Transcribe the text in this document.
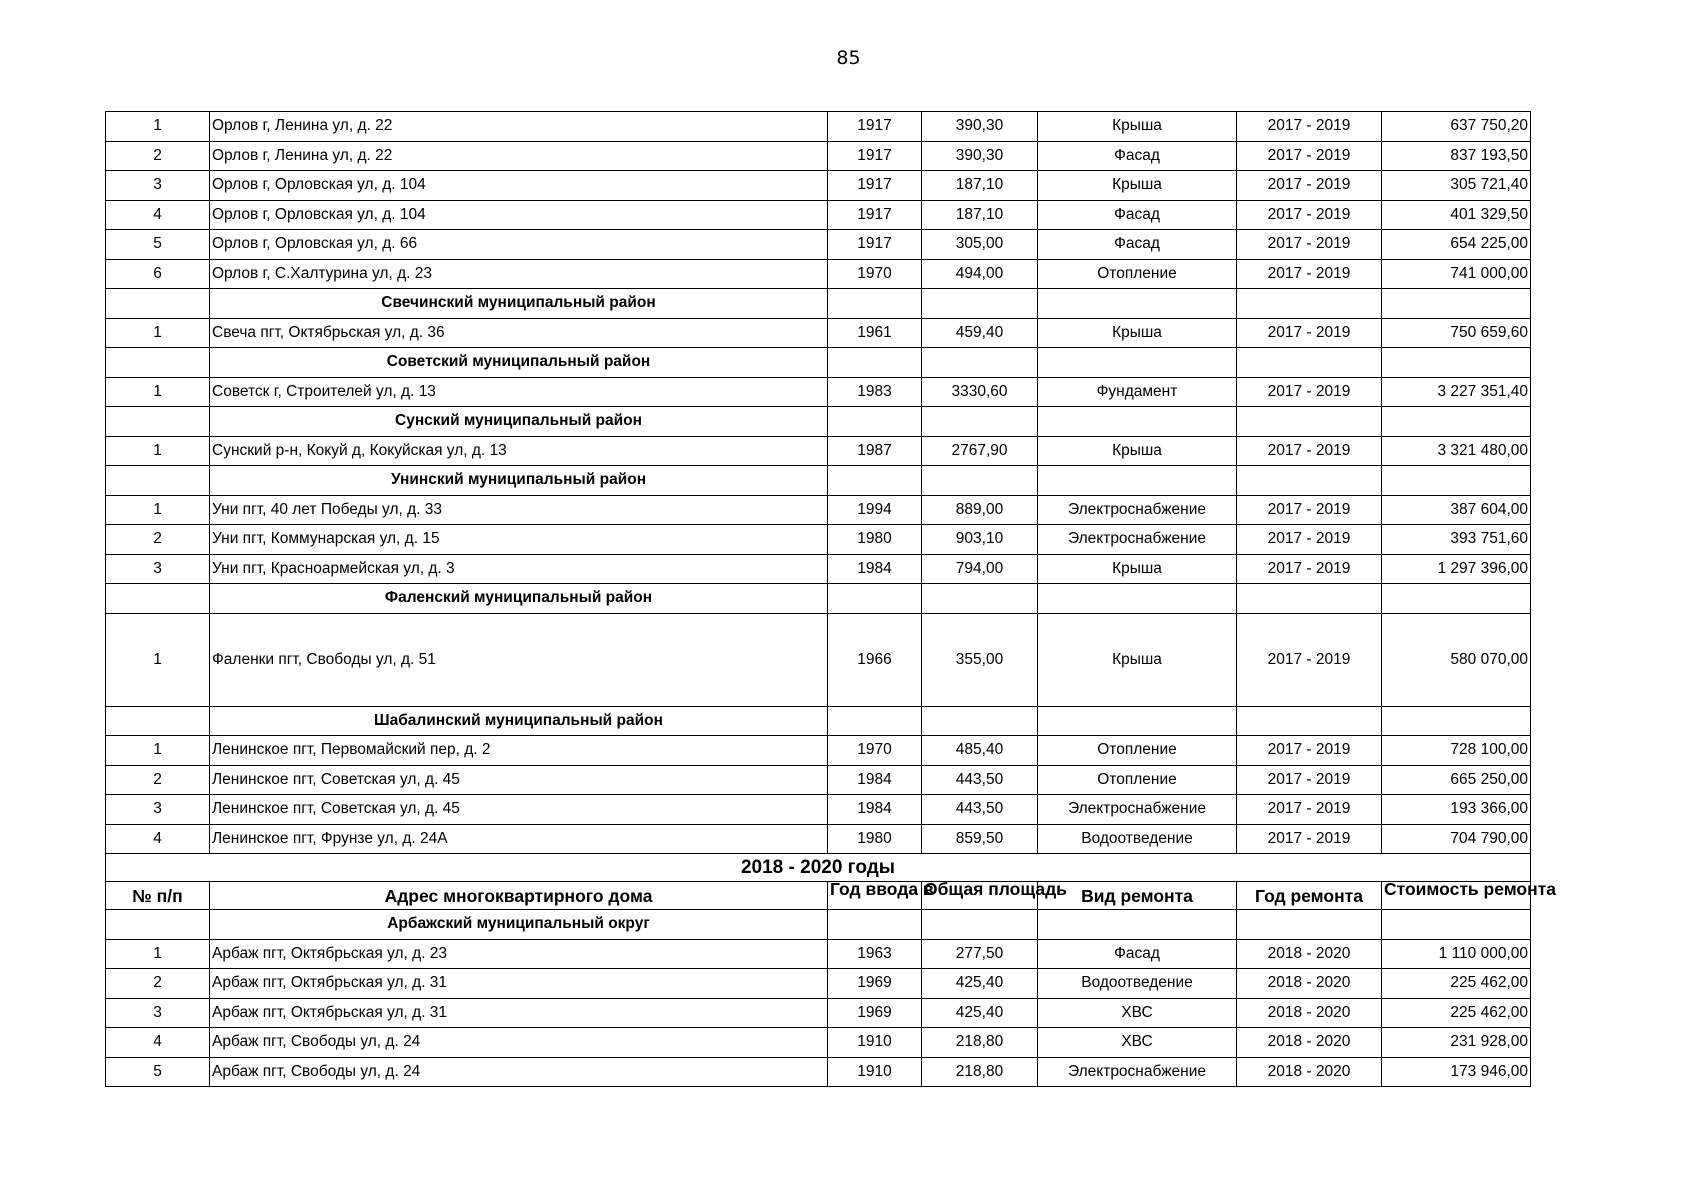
85
1	Орлов г, Ленина ул, д. 22	1917	390,30	Крыша	2017 - 2019	637 750,20
2	Орлов г, Ленина ул, д. 22	1917	390,30	Фасад	2017 - 2019	837 193,50
3	Орлов г, Орловская ул, д. 104	1917	187,10	Крыша	2017 - 2019	305 721,40
4	Орлов г, Орловская ул, д. 104	1917	187,10	Фасад	2017 - 2019	401 329,50
5	Орлов г, Орловская ул, д. 66	1917	305,00	Фасад	2017 - 2019	654 225,00
6	Орлов г, С.Халтурина ул, д. 23	1970	494,00	Отопление	2017 - 2019	741 000,00
	Свечинский муниципальный район					
1	Свеча пгт, Октябрьская ул, д. 36	1961	459,40	Крыша	2017 - 2019	750 659,60
	Советский муниципальный район					
1	Советск г, Строителей ул, д. 13	1983	3330,60	Фундамент	2017 - 2019	3 227 351,40
	Сунский муниципальный район					
1	Сунский р-н, Кокуй д, Кокуйская ул, д. 13	1987	2767,90	Крыша	2017 - 2019	3 321 480,00
	Унинский муниципальный район					
1	Уни пгт, 40 лет Победы ул, д. 33	1994	889,00	Электроснабжение	2017 - 2019	387 604,00
2	Уни пгт, Коммунарская ул, д. 15	1980	903,10	Электроснабжение	2017 - 2019	393 751,60
3	Уни пгт, Красноармейская ул, д. 3	1984	794,00	Крыша	2017 - 2019	1 297 396,00
	Фаленский муниципальный район					
1	Фаленки пгт, Свободы ул, д. 51	1966	355,00	Крыша	2017 - 2019	580 070,00
	Шабалинский муниципальный район					
1	Ленинское пгт, Первомайский пер, д. 2	1970	485,40	Отопление	2017 - 2019	728 100,00
2	Ленинское пгт, Советская ул, д. 45	1984	443,50	Отопление	2017 - 2019	665 250,00
3	Ленинское пгт, Советская ул, д. 45	1984	443,50	Электроснабжение	2017 - 2019	193 366,00
4	Ленинское пгт, Фрунзе ул, д. 24А	1980	859,50	Водоотведение	2017 - 2019	704 790,00
2018 - 2020 годы						
№ п/п	Адрес многоквартирного дома	Год ввода в	Общая площадь	Вид ремонта	Год ремонта	Стоимость ремонта
	Арбажский муниципальный округ					
1	Арбаж пгт, Октябрьская ул, д. 23	1963	277,50	Фасад	2018 - 2020	1 110 000,00
2	Арбаж пгт, Октябрьская ул, д. 31	1969	425,40	Водоотведение	2018 - 2020	225 462,00
3	Арбаж пгт, Октябрьская ул, д. 31	1969	425,40	ХВС	2018 - 2020	225 462,00
4	Арбаж пгт, Свободы ул, д. 24	1910	218,80	ХВС	2018 - 2020	231 928,00
5	Арбаж пгт, Свободы ул, д. 24	1910	218,80	Электроснабжение	2018 - 2020	173 946,00
